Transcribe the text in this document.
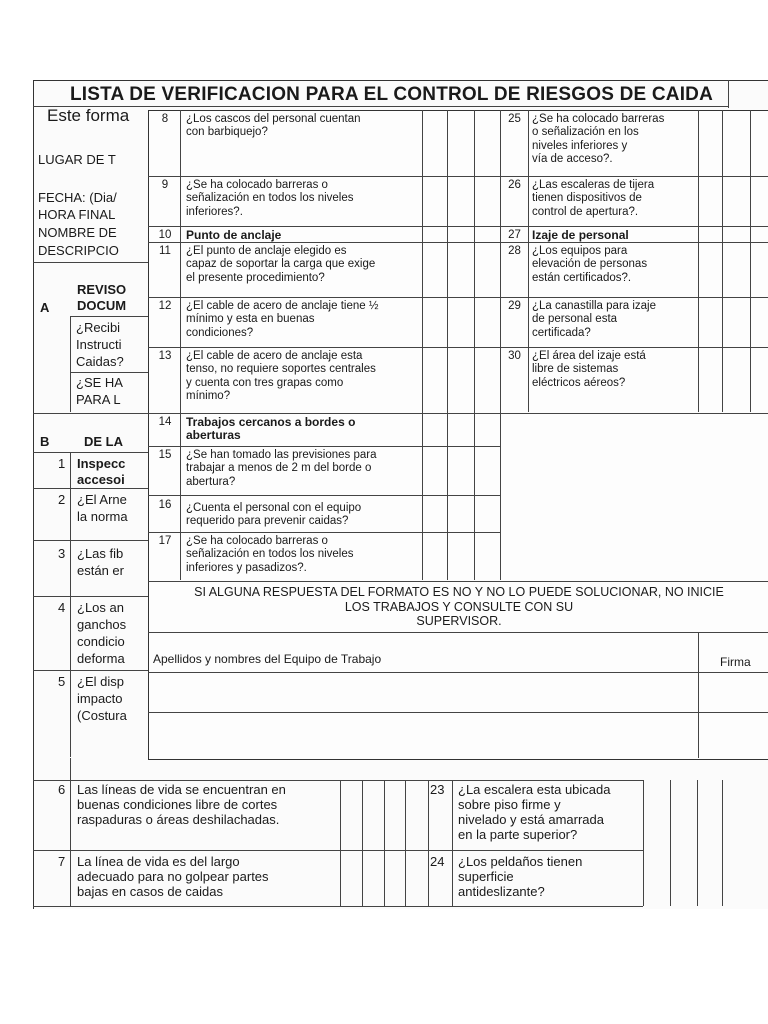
LISTA DE VERIFICACION PARA EL CONTROL DE RIESGOS DE CAIDA
Este forma
LUGAR DE T
FECHA: (Dia/
HORA FINAL
NOMBRE DE
DESCRIPCIO
REVISO
DOCUM
A
¿Recibi
Instructi
Caidas?
¿SE HA
PARA L
B	DE LA
1 Inspecc
accesoi
2 ¿El Arne
la norma
3 ¿Las fib
están er
4 ¿Los an
ganchos
condicio
deforma
5 ¿El disp
impacto
(Costura
8	¿Los cascos del personal cuentan
con barbiquejo?
9	¿Se ha colocado barreras o
señalización en todos los niveles
inferiores?.
10	Punto de anclaje
11	¿El punto de anclaje elegido es
capaz de soportar la carga que exige
el presente procedimiento?
12	¿El cable de acero de anclaje tiene ½
mínimo y esta en buenas
condiciones?
13	¿El cable de acero de anclaje esta
tenso, no requiere soportes centrales
y cuenta con tres grapas como
mínimo?
14	Trabajos cercanos a bordes o
aberturas
15	¿Se han tomado las previsiones para
trabajar a menos de 2 m del borde o
abertura?
16	¿Cuenta el personal con el equipo
requerido para prevenir caidas?
17	¿Se ha colocado barreras o
señalización en todos los niveles
inferiores y pasadizos?.
25 ¿Se ha colocado barreras
o señalización en los
niveles inferiores y
vía de acceso?.
26 ¿Las escaleras de tijera
tienen dispositivos de
control de apertura?.
27 Izaje de personal
28 ¿Los equipos para
elevación de personas
están certificados?.
29 ¿La canastilla para izaje
de personal esta
certificada?
30 ¿El área del izaje está
libre de sistemas
eléctricos aéreos?
SI ALGUNA RESPUESTA DEL FORMATO ES NO Y NO LO PUEDE SOLUCIONAR, NO INICIE
LOS TRABAJOS Y CONSULTE CON SU
SUPERVISOR.
Apellidos y nombres del Equipo de Trabajo	Firma
6 Las líneas de vida se encuentran en
buenas condiciones libre de cortes
raspaduras o áreas deshilachadas.
7 La línea de vida es del largo
adecuado para no golpear partes
bajas en casos de caidas
23 ¿La escalera esta ubicada
sobre piso firme y
nivelado y está amarrada
en la parte superior?
24 ¿Los peldaños tienen
superficie
antideslizante?
